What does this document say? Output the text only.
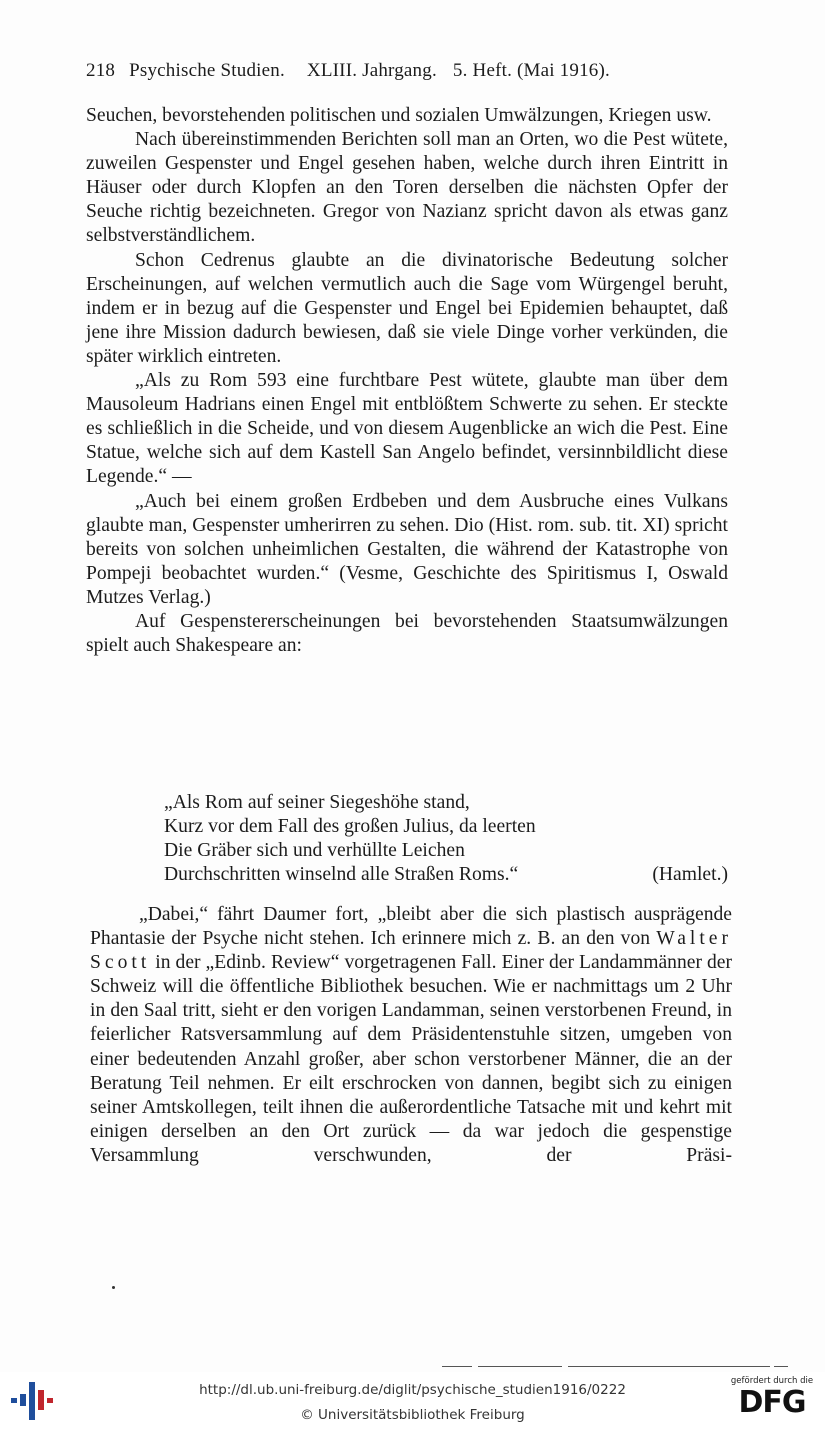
218 Psychische Studien. XLIII. Jahrgang. 5. Heft. (Mai 1916).

Seuchen, bevorstehenden politischen und sozialen Umwälzungen, Kriegen usw.

Nach übereinstimmenden Berichten soll man an Orten, wo die Pest wütete, zuweilen Gespenster und Engel gesehen haben, welche durch ihren Eintritt in Häuser oder durch Klopfen an den Toren derselben die nächsten Opfer der Seuche richtig bezeichneten. Gregor von Nazianz spricht davon als etwas ganz selbstverständlichem.

Schon Cedrenus glaubte an die divinatorische Bedeutung solcher Erscheinungen, auf welchen vermutlich auch die Sage vom Würgengel beruht, indem er in bezug auf die Gespenster und Engel bei Epidemien behauptet, daß jene ihre Mission dadurch bewiesen, daß sie viele Dinge vorher verkünden, die später wirklich eintreten.

„Als zu Rom 593 eine furchtbare Pest wütete, glaubte man über dem Mausoleum Hadrians einen Engel mit entblößtem Schwerte zu sehen. Er steckte es schließlich in die Scheide, und von diesem Augenblicke an wich die Pest. Eine Statue, welche sich auf dem Kastell San Angelo befindet, versinnbildlicht diese Legende.“ —

„Auch bei einem großen Erdbeben und dem Ausbruche eines Vulkans glaubte man, Gespenster umherirren zu sehen. Dio (Hist. rom. sub. tit. XI) spricht bereits von solchen unheimlichen Gestalten, die während der Katastrophe von Pompeji beobachtet wurden.“ (Vesme, Geschichte des Spiritismus I, Oswald Mutzes Verlag.)

Auf Gespenstererscheinungen bei bevorstehenden Staatsumwälzungen spielt auch Shakespeare an:

„Als Rom auf seiner Siegeshöhe stand,
Kurz vor dem Fall des großen Julius, da leerten
Die Gräber sich und verhüllte Leichen
Durchschritten winselnd alle Straßen Roms.“	(Hamlet.)

„Dabei,“ fährt Daumer fort, „bleibt aber die sich plastisch ausprägende Phantasie der Psyche nicht stehen. Ich erinnere mich z. B. an den von Walter Scott in der „Edinb. Review“ vorgetragenen Fall. Einer der Landammänner der Schweiz will die öffentliche Bibliothek besuchen. Wie er nachmittags um 2 Uhr in den Saal tritt, sieht er den vorigen Landamman, seinen verstorbenen Freund, in feierlicher Ratsversammlung auf dem Präsidentenstuhle sitzen, umgeben von einer bedeutenden Anzahl großer, aber schon verstorbener Männer, die an der Beratung Teil nehmen. Er eilt erschrocken von dannen, begibt sich zu einigen seiner Amtskollegen, teilt ihnen die außerordentliche Tatsache mit und kehrt mit einigen derselben an den Ort zurück — da war jedoch die gespenstige Versammlung verschwunden, der Präsi-

http://dl.ub.uni-freiburg.de/diglit/psychische_studien1916/0222
© Universitätsbibliothek Freiburg
gefördert durch die
DFG
